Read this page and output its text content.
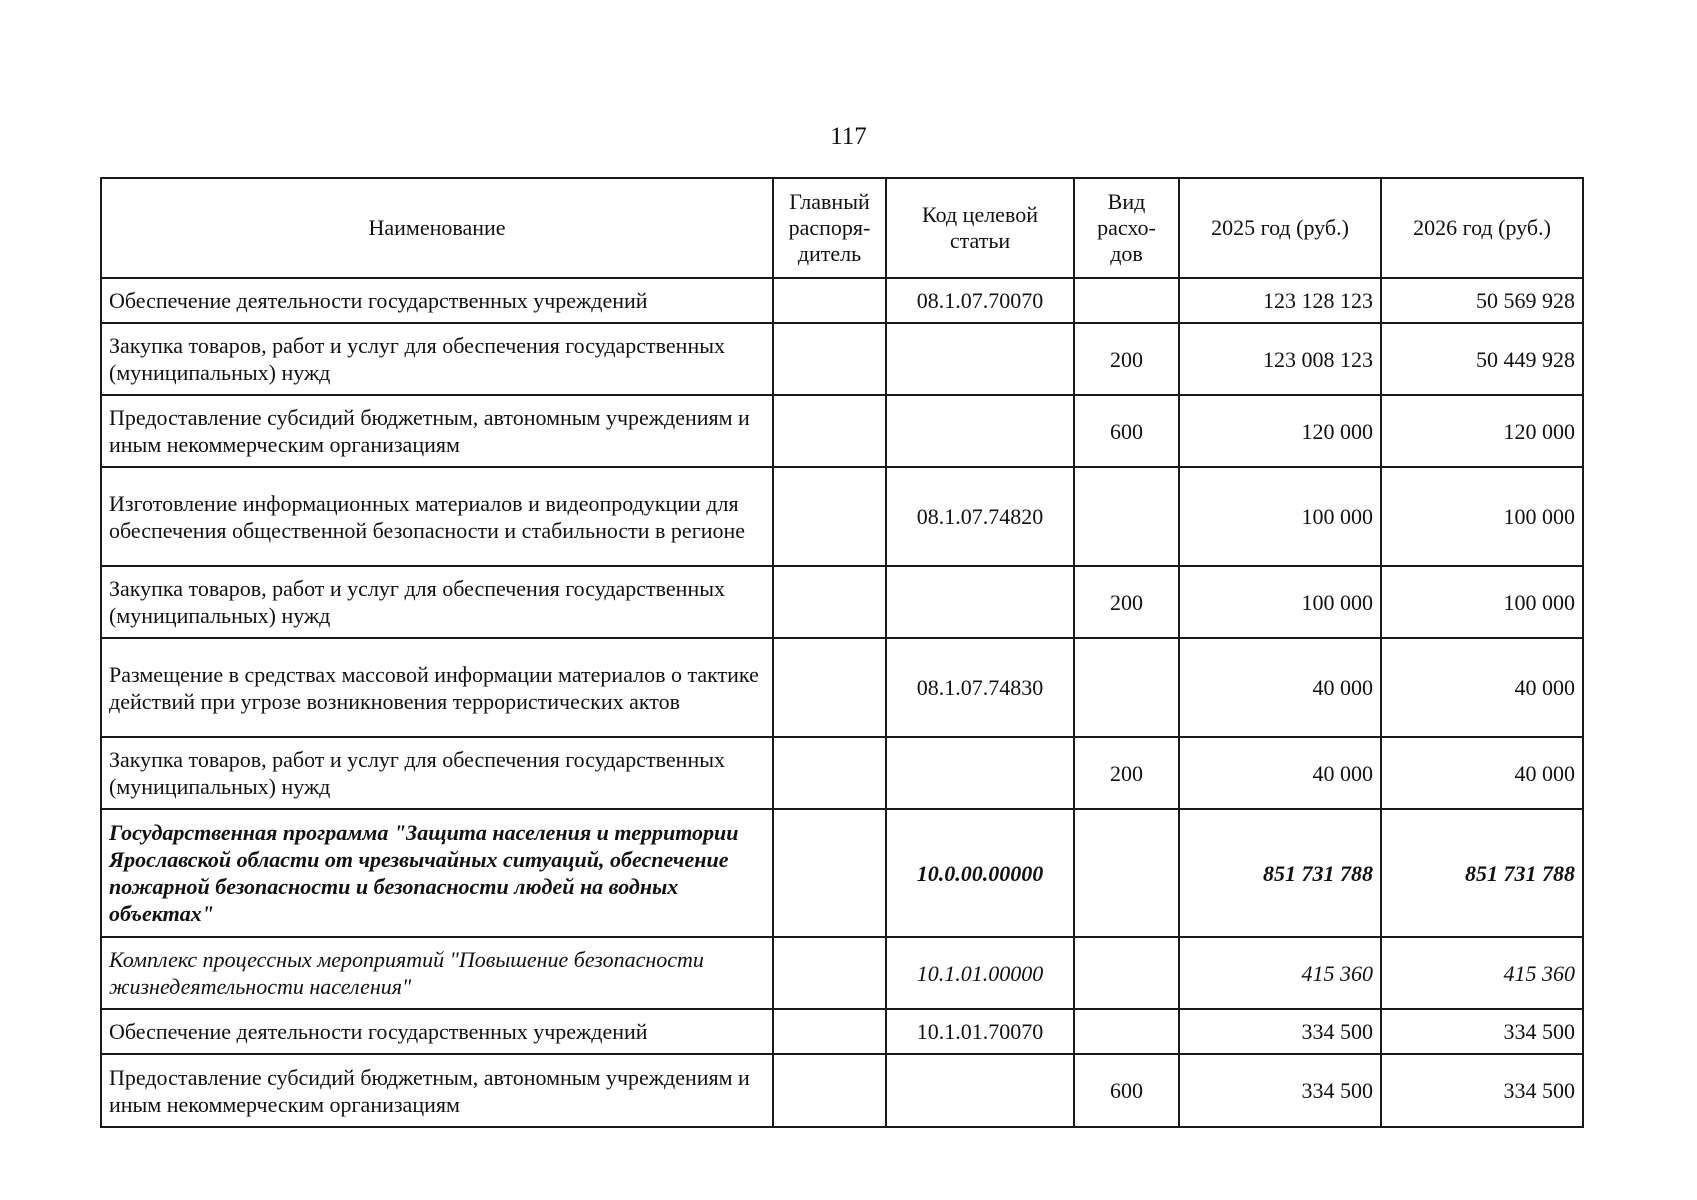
117
Наименование	Главный распоря-дитель	Код целевой статьи	Вид расхо-дов	2025 год (руб.)	2026 год (руб.)
Обеспечение деятельности государственных учреждений		08.1.07.70070		123 128 123	50 569 928
Закупка товаров, работ и услуг для обеспечения государственных (муниципальных) нужд			200	123 008 123	50 449 928
Предоставление субсидий бюджетным, автономным учреждениям и иным некоммерческим организациям			600	120 000	120 000
Изготовление информационных материалов и видеопродукции для обеспечения общественной безопасности и стабильности в регионе		08.1.07.74820		100 000	100 000
Закупка товаров, работ и услуг для обеспечения государственных (муниципальных) нужд			200	100 000	100 000
Размещение в средствах массовой информации материалов о тактике действий при угрозе возникновения террористических актов		08.1.07.74830		40 000	40 000
Закупка товаров, работ и услуг для обеспечения государственных (муниципальных) нужд			200	40 000	40 000
Государственная программа "Защита населения и территории Ярославской области от чрезвычайных ситуаций, обеспечение пожарной безопасности и безопасности людей на водных объектах"		10.0.00.00000		851 731 788	851 731 788
Комплекс процессных мероприятий "Повышение безопасности жизнедеятельности населения"		10.1.01.00000		415 360	415 360
Обеспечение деятельности государственных учреждений		10.1.01.70070		334 500	334 500
Предоставление субсидий бюджетным, автономным учреждениям и иным некоммерческим организациям			600	334 500	334 500
